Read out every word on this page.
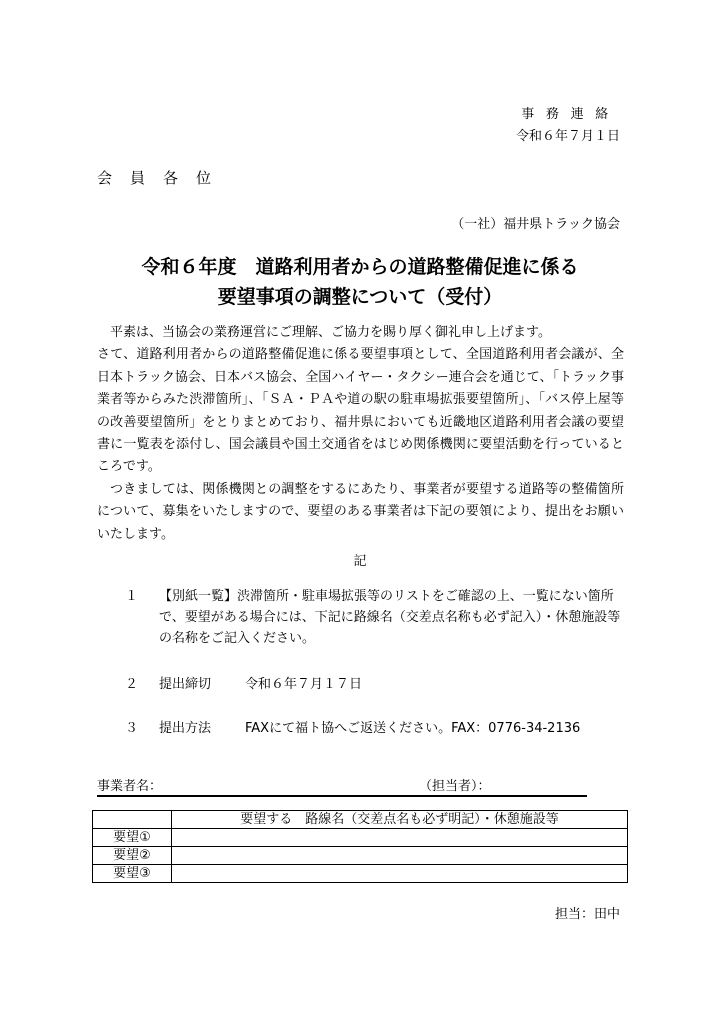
事務連絡
令和６年７月１日
会員各位
（一社）福井県トラック協会
令和６年度　道路利用者からの道路整備促進に係る
要望事項の調整について（受付）

平素は、当協会の業務運営にご理解、ご協力を賜り厚く御礼申し上げます。

さて、道路利用者からの道路整備促進に係る要望事項として、全国道路利用者会議が、全日本トラック協会、日本バス協会、全国ハイヤー・タクシー連合会を通じて、「トラック事業者等からみた渋滞箇所」、「ＳＡ・ＰＡや道の駅の駐車場拡張要望箇所」、「バス停上屋等の改善要望箇所」をとりまとめており、福井県においても近畿地区道路利用者会議の要望書に一覧表を添付し、国会議員や国土交通省をはじめ関係機関に要望活動を行っているところです。

つきましては、関係機関との調整をするにあたり、事業者が要望する道路等の整備箇所について、募集をいたしますので、要望のある事業者は下記の要領により、提出をお願いいたします。

記
１	【別紙一覧】渋滞箇所・駐車場拡張等のリストをご確認の上、一覧にない箇所で、要望がある場合には、下記に路線名（交差点名称も必ず記入）・休憩施設等の名称をご記入ください。
２	提出締切	令和６年７月１７日
３	提出方法	FAXにて福ト協へご返送ください。FAX：0776-34-2136
事業者名：	（担当者）：
	要望する　路線名（交差点名も必ず明記）・休憩施設等
要望①	
要望②	
要望③	
担当：田中
